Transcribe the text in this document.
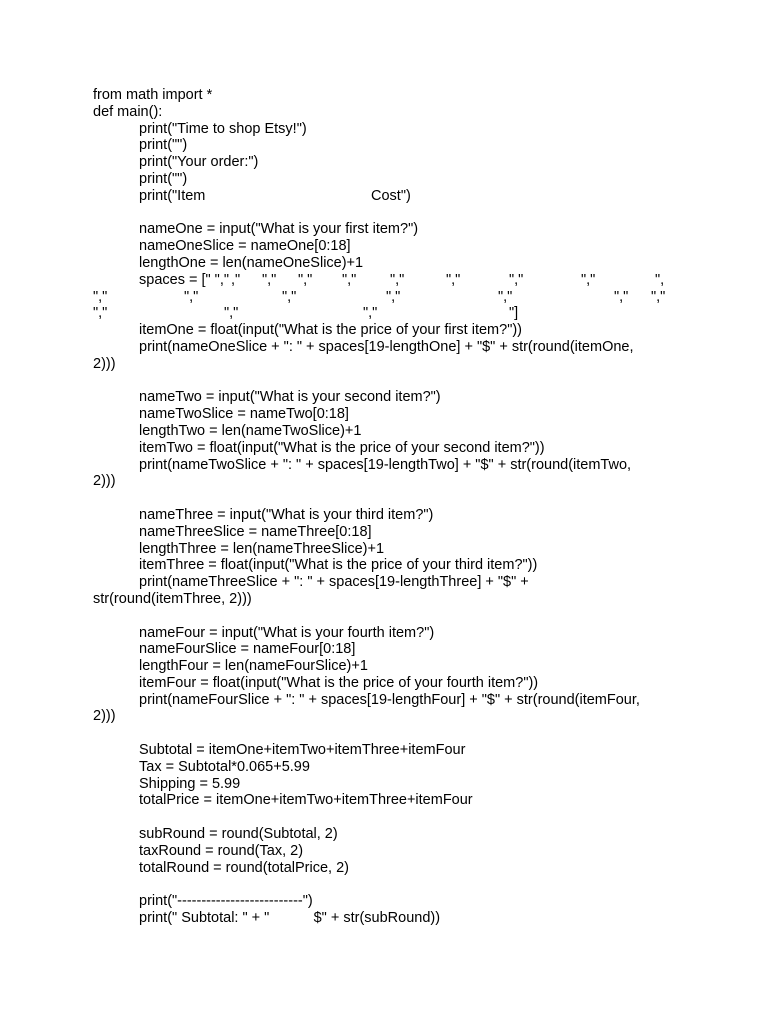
from math import *
def main():
print("Time to shop Etsy!")
print("")
print("Your order:")
print("")
print("Item	Cost")
nameOne = input("What is your first item?")
nameOneSlice = nameOne[0:18]
lengthOne = len(nameOneSlice)+1
spaces = [" "," ," "," "," "," ","	","	","	","	",
","	","	","	","	","	"," ","
","	","	","	"]
itemOne = float(input("What is the price of your first item?"))
print(nameOneSlice + ": " + spaces[19-lengthOne] + "$" + str(round(itemOne,
2)))
nameTwo = input("What is your second item?")
nameTwoSlice = nameTwo[0:18]
lengthTwo = len(nameTwoSlice)+1
itemTwo = float(input("What is the price of your second item?"))
print(nameTwoSlice + ": " + spaces[19-lengthTwo] + "$" + str(round(itemTwo,
2)))
nameThree = input("What is your third item?")
nameThreeSlice = nameThree[0:18]
lengthThree = len(nameThreeSlice)+1
itemThree = float(input("What is the price of your third item?"))
print(nameThreeSlice + ": " + spaces[19-lengthThree] + "$" +
str(round(itemThree, 2)))
nameFour = input("What is your fourth item?")
nameFourSlice = nameFour[0:18]
lengthFour = len(nameFourSlice)+1
itemFour = float(input("What is the price of your fourth item?"))
print(nameFourSlice + ": " + spaces[19-lengthFour] + "$" + str(round(itemFour,
2)))
Subtotal = itemOne+itemTwo+itemThree+itemFour
Tax = Subtotal*0.065+5.99
Shipping = 5.99
totalPrice = itemOne+itemTwo+itemThree+itemFour
subRound = round(Subtotal, 2)
taxRound = round(Tax, 2)
totalRound = round(totalPrice, 2)
print("--------------------------")
print(" Subtotal: " + "           $" + str(subRound))
